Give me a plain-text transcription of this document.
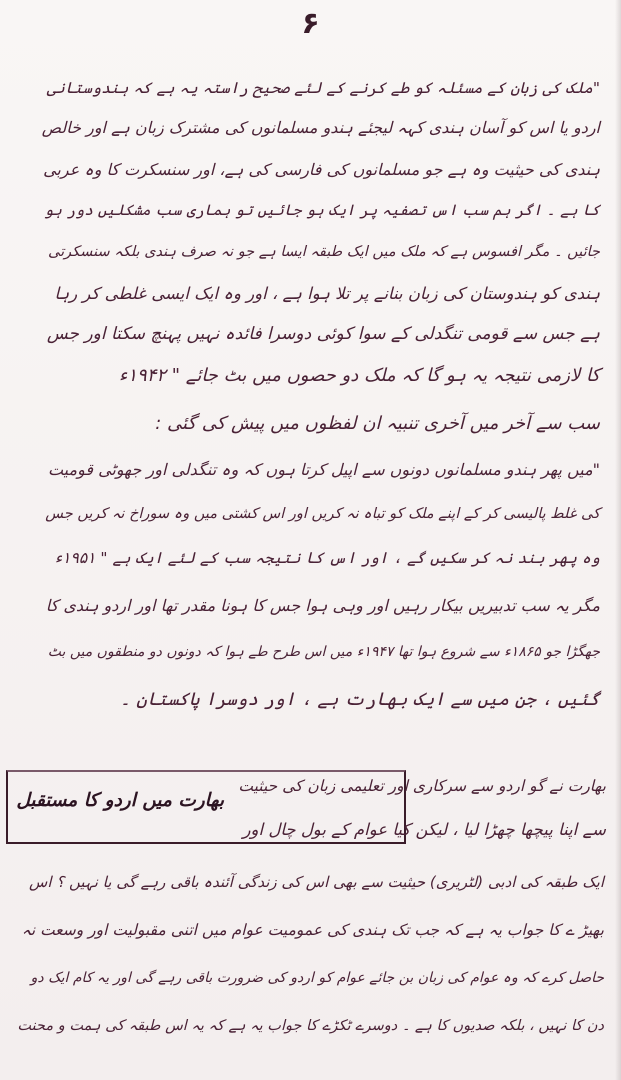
۶
"ملک کی زبان کے مسئلہ کو طے کرنے کے لئے صحیح راستہ یہ ہے کہ ہندوستانی
اردو یا اس کو آسان ہندی کہہ لیجئے ہندو مسلمانوں کی مشترک زبان ہے اور خالص
ہندی کی حیثیت وہ ہے جو مسلمانوں کی فارسی کی ہے، اور سنسکرت کا وہ عربی
کا ہے ۔ اگر ہم سب اس تصفیہ پر ایک ہو جائیں تو ہماری سب مشکلیں دور ہو
جائیں ۔ مگر افسوس ہے کہ ملک میں ایک طبقہ ایسا ہے جو نہ صرف ہندی بلکہ سنسکرتی
ہندی کو ہندوستان کی زبان بنانے پر تلا ہوا ہے ، اور وہ ایک ایسی غلطی کر رہا
ہے جس سے قومی تنگدلی کے سوا کوئی دوسرا فائدہ نہیں پہنچ سکتا اور جس
کا لازمی نتیجہ یہ ہو گا کہ ملک دو حصوں میں بٹ جائے " ۱۹۴۲ء
سب سے آخر میں آخری تنبیہ ان لفظوں میں پیش کی گئی :
"میں پھر ہندو مسلمانوں دونوں سے اپیل کرتا ہوں کہ وہ تنگدلی اور جھوٹی قومیت
کی غلط پالیسی کر کے اپنے ملک کو تباہ نہ کریں اور اس کشتی میں وہ سوراخ نہ کریں جس
وہ پھر بند نہ کر سکیں گے ، اور اس کا نتیجہ سب کے لئے ایک ہے " ۱۹۵۱ء
مگر یہ سب تدبیریں بیکار رہیں اور وہی ہوا جس کا ہونا مقدر تھا اور اردو ہندی کا
جھگڑا جو ۱۸۶۵ء سے شروع ہوا تھا ۱۹۴۷ء میں اس طرح طے ہوا کہ دونوں دو منطقوں میں بٹ
گئیں ، جن میں سے ایک بھارت ہے ، اور دوسرا پاکستان ۔
بھارت میں اردو کا مستقبل
بھارت نے گو اردو سے سرکاری اور تعلیمی زبان کی حیثیت
سے اپنا پیچھا چھڑا لیا ، لیکن کیا عوام کے بول چال اور
ایک طبقہ کی ادبی (لٹریری) حیثیت سے بھی اس کی زندگی آئندہ باقی رہے گی یا نہیں ؟ اس
بھیڑ ے کا جواب یہ ہے کہ جب تک ہندی کی عمومیت عوام میں اتنی مقبولیت اور وسعت نہ
حاصل کرے کہ وہ عوام کی زبان بن جائے عوام کو اردو کی ضرورت باقی رہے گی اور یہ کام ایک دو
دن کا نہیں ، بلکہ صدیوں کا ہے ۔ دوسرے ٹکڑے کا جواب یہ ہے کہ یہ اس طبقہ کی ہمت و محنت
